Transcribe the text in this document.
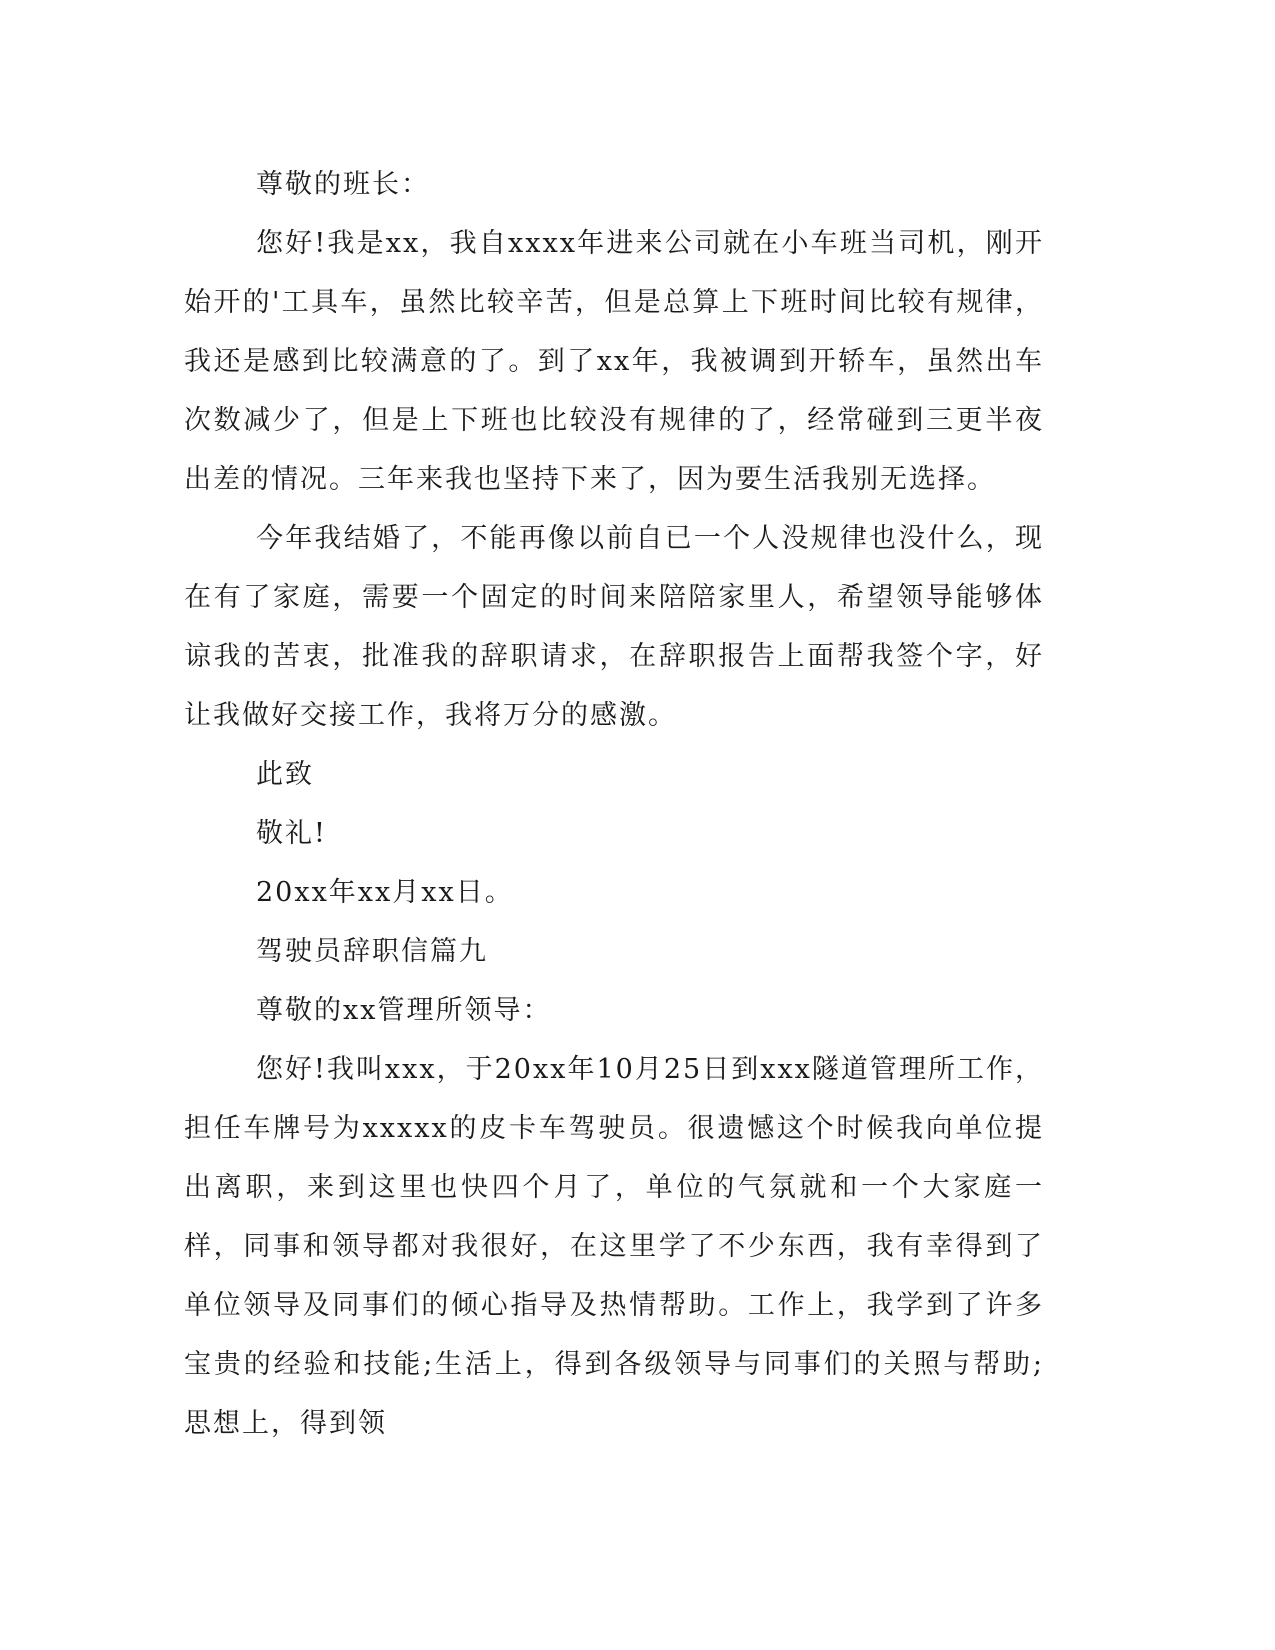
尊敬的班长：

您好!我是xx，我自xxxx年进来公司就在小车班当司机，刚开始开的'工具车，虽然比较辛苦，但是总算上下班时间比较有规律，我还是感到比较满意的了。到了xx年，我被调到开轿车，虽然出车次数减少了，但是上下班也比较没有规律的了，经常碰到三更半夜出差的情况。三年来我也坚持下来了，因为要生活我别无选择。

今年我结婚了，不能再像以前自已一个人没规律也没什么，现在有了家庭，需要一个固定的时间来陪陪家里人，希望领导能够体谅我的苦衷，批准我的辞职请求，在辞职报告上面帮我签个字，好让我做好交接工作，我将万分的感激。

此致

敬礼!

20xx年xx月xx日。

驾驶员辞职信篇九

尊敬的xx管理所领导：

您好!我叫xxx，于20xx年10月25日到xxx隧道管理所工作，担任车牌号为xxxxx的皮卡车驾驶员。很遗憾这个时候我向单位提出离职，来到这里也快四个月了，单位的气氛就和一个大家庭一样，同事和领导都对我很好，在这里学了不少东西，我有幸得到了单位领导及同事们的倾心指导及热情帮助。工作上，我学到了许多宝贵的经验和技能;生活上，得到各级领导与同事们的关照与帮助;思想上，得到领
